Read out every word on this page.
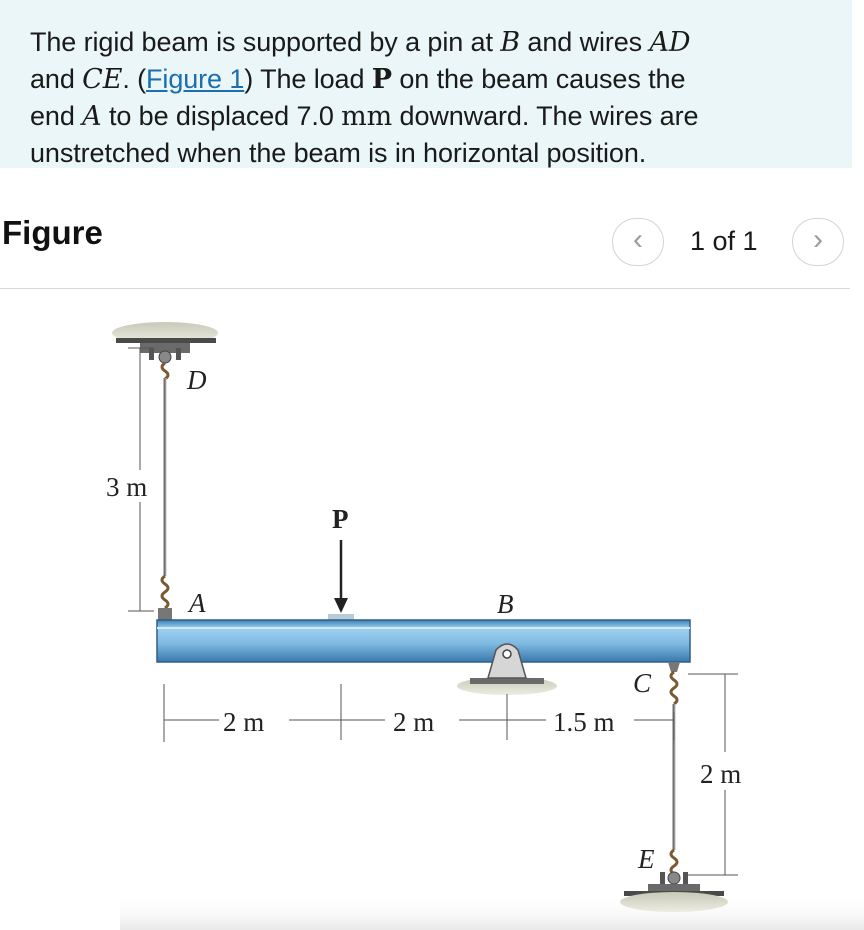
The rigid beam is supported by a pin at B and wires AD
and CE. (Figure 1) The load P on the beam causes the
end A to be displaced 7.0 mm downward. The wires are
unstretched when the beam is in horizontal position.
Figure	‹	1 of 1	›
3 m
D
A
P
B
C
E
2 m
2 m	2 m	1.5 m
